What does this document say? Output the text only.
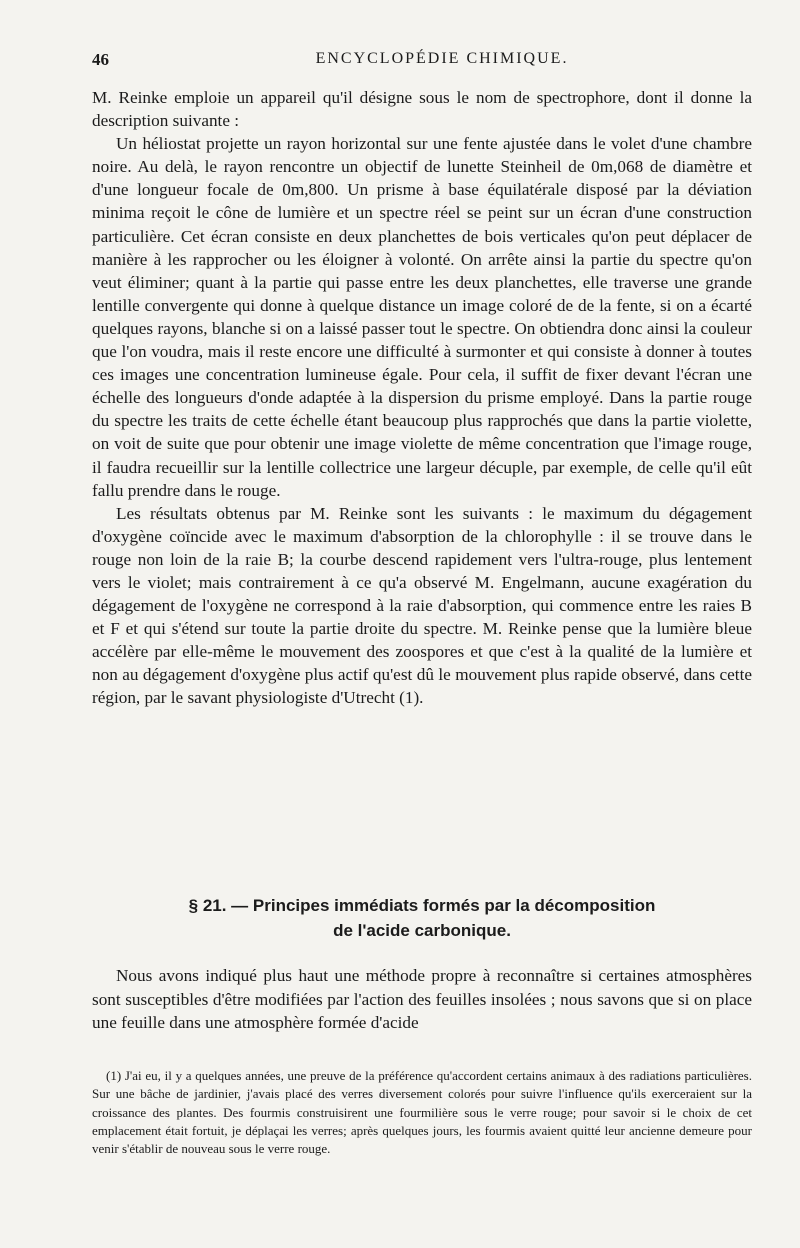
46	ENCYCLOPÉDIE CHIMIQUE.

M. Reinke emploie un appareil qu'il désigne sous le nom de spectrophore, dont il donne la description suivante :

Un héliostat projette un rayon horizontal sur une fente ajustée dans le volet d'une chambre noire. Au delà, le rayon rencontre un objectif de lunette Steinheil de 0m,068 de diamètre et d'une longueur focale de 0m,800. Un prisme à base équilatérale disposé par la déviation minima reçoit le cône de lumière et un spectre réel se peint sur un écran d'une construction particulière. Cet écran consiste en deux planchettes de bois verticales qu'on peut déplacer de manière à les rapprocher ou les éloigner à volonté. On arrête ainsi la partie du spectre qu'on veut éliminer; quant à la partie qui passe entre les deux planchettes, elle traverse une grande lentille convergente qui donne à quelque distance un image coloré de de la fente, si on a écarté quelques rayons, blanche si on a laissé passer tout le spectre. On obtiendra donc ainsi la couleur que l'on voudra, mais il reste encore une difficulté à surmonter et qui consiste à donner à toutes ces images une concentration lumineuse égale. Pour cela, il suffit de fixer devant l'écran une échelle des longueurs d'onde adaptée à la dispersion du prisme employé. Dans la partie rouge du spectre les traits de cette échelle étant beaucoup plus rapprochés que dans la partie violette, on voit de suite que pour obtenir une image violette de même concentration que l'image rouge, il faudra recueillir sur la lentille collectrice une largeur décuple, par exemple, de celle qu'il eût fallu prendre dans le rouge.

Les résultats obtenus par M. Reinke sont les suivants : le maximum du dégagement d'oxygène coïncide avec le maximum d'absorption de la chlorophylle : il se trouve dans le rouge non loin de la raie B; la courbe descend rapidement vers l'ultra-rouge, plus lentement vers le violet; mais contrairement à ce qu'a observé M. Engelmann, aucune exagération du dégagement de l'oxygène ne correspond à la raie d'absorption, qui commence entre les raies B et F et qui s'étend sur toute la partie droite du spectre. M. Reinke pense que la lumière bleue accélère par elle-même le mouvement des zoospores et que c'est à la qualité de la lumière et non au dégagement d'oxygène plus actif qu'est dû le mouvement plus rapide observé, dans cette région, par le savant physiologiste d'Utrecht (1).

§ 21. — Principes immédiats formés par la décomposition
de l'acide carbonique.

Nous avons indiqué plus haut une méthode propre à reconnaître si certaines atmosphères sont susceptibles d'être modifiées par l'action des feuilles insolées ; nous savons que si on place une feuille dans une atmosphère formée d'acide

(1) J'ai eu, il y a quelques années, une preuve de la préférence qu'accordent certains animaux à des radiations particulières. Sur une bâche de jardinier, j'avais placé des verres diversement colorés pour suivre l'influence qu'ils exerceraient sur la croissance des plantes. Des fourmis construisirent une fourmilière sous le verre rouge; pour savoir si le choix de cet emplacement était fortuit, je déplaçai les verres; après quelques jours, les fourmis avaient quitté leur ancienne demeure pour venir s'établir de nouveau sous le verre rouge.
